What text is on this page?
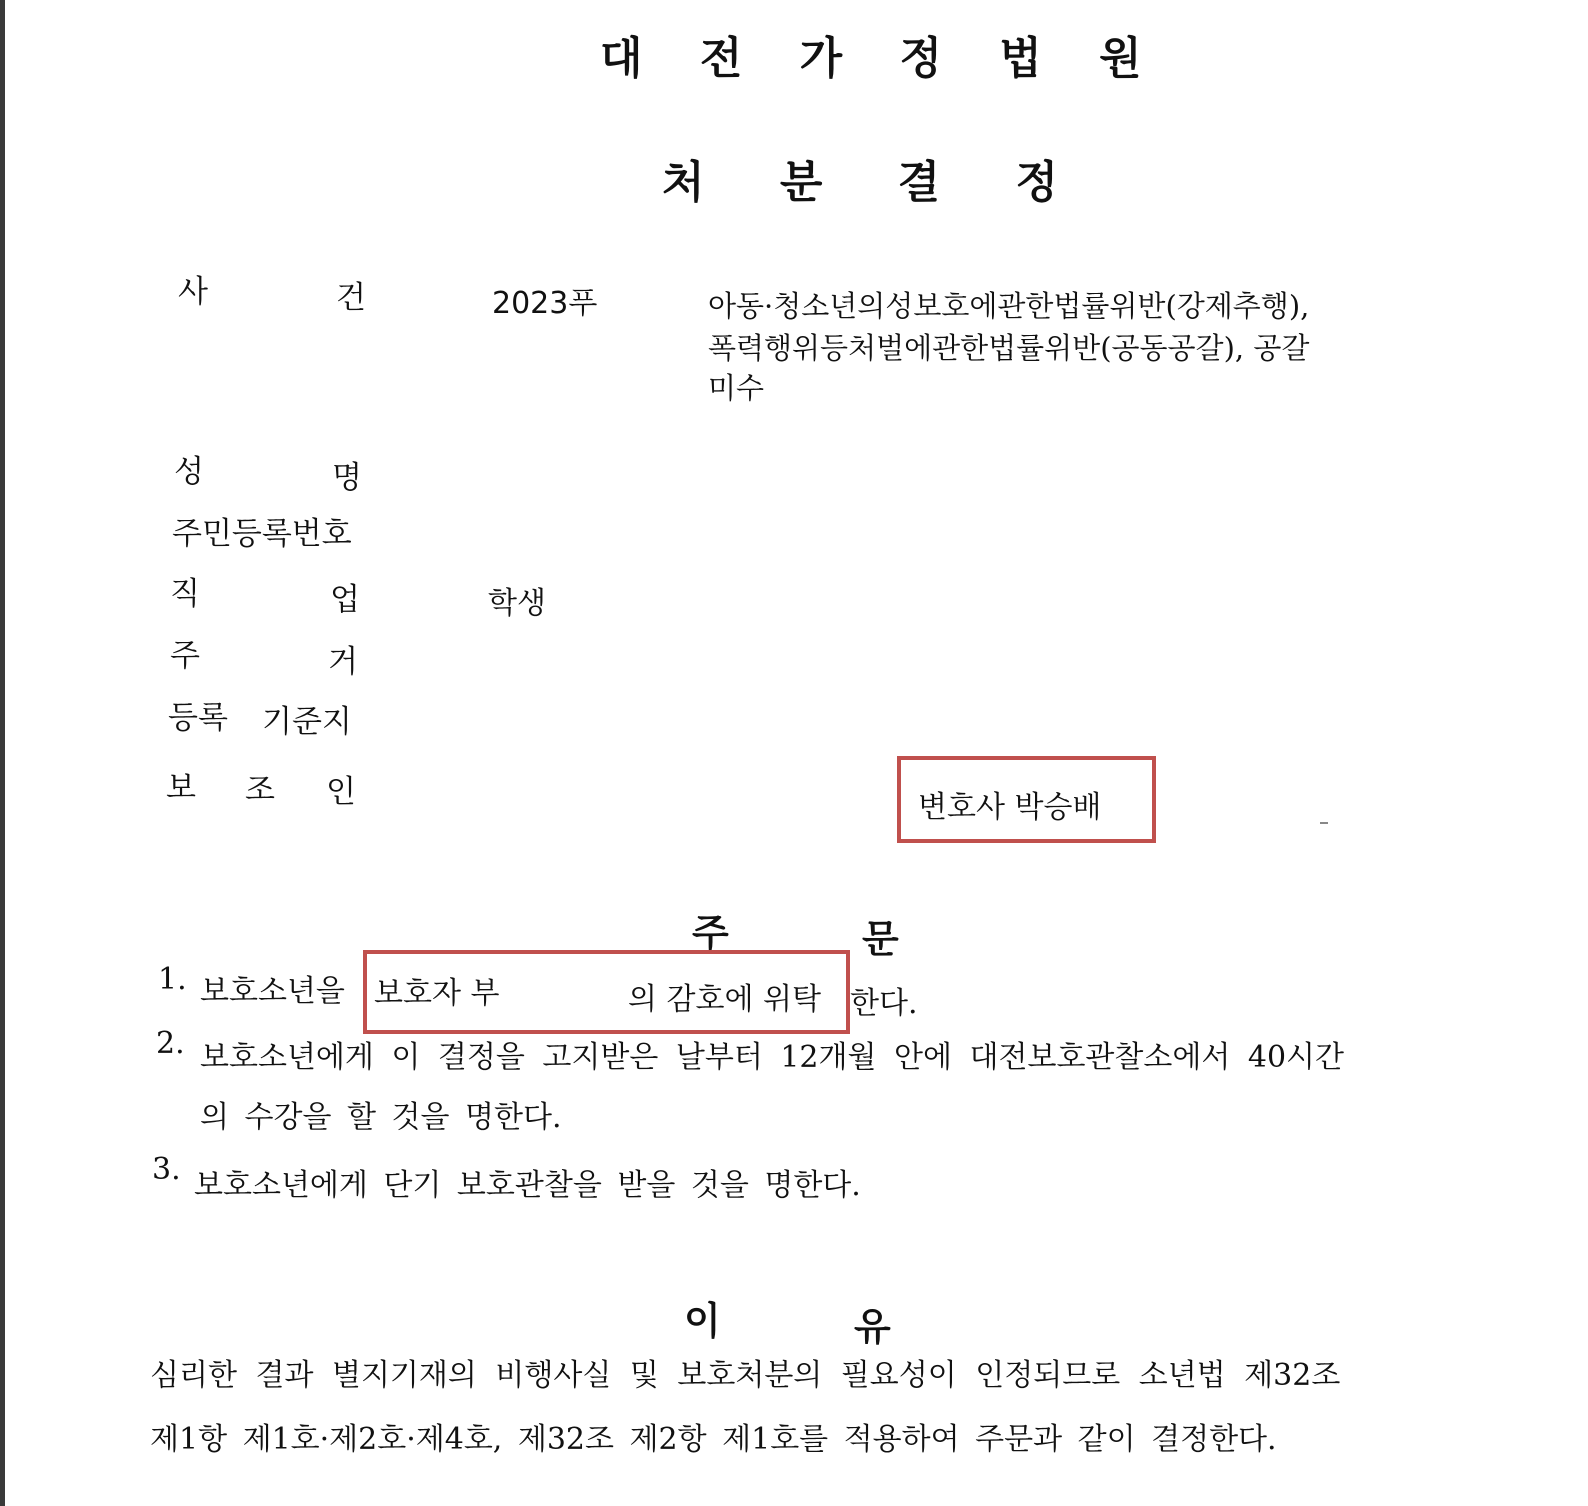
대 전 가 정 법 원
처 분 결 정
사	건	2023푸	아동·청소년의성보호에관한법률위반(강제추행),
폭력행위등처벌에관한법률위반(공동공갈), 공갈
미수
성	명
주민등록번호
직	업	학생
주	거
등록 기준지
보 조 인	변호사 박승배
주	문
1. 보호소년을 보호자 부	의 감호에 위탁 한다.
2. 보호소년에게 이 결정을 고지받은 날부터 12개월 안에 대전보호관찰소에서 40시간
의 수강을 할 것을 명한다.
3. 보호소년에게 단기 보호관찰을 받을 것을 명한다.
이	유
심리한 결과 별지기재의 비행사실 및 보호처분의 필요성이 인정되므로 소년법 제32조
제1항 제1호·제2호·제4호, 제32조 제2항 제1호를 적용하여 주문과 같이 결정한다.
